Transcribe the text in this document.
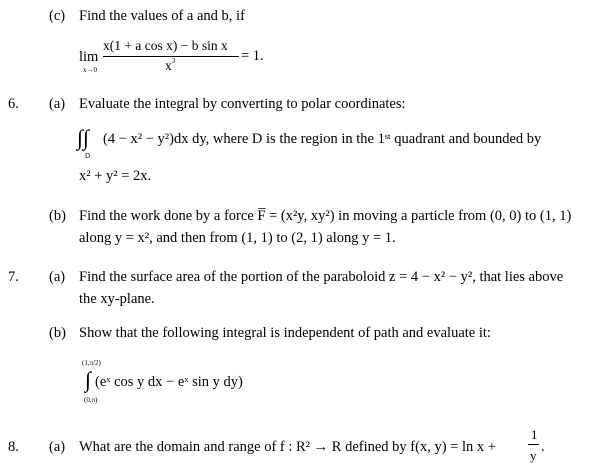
(c) Find the values of a and b, if
lim
x→0
x(1 + a cos x) − b sin x
$x^3$	= 1.
6. (a) Evaluate the integral by converting to polar coordinates:
∫∫
D
(4 − x² − y²)dx dy, where D is the region in the 1ˢᵗ quadrant and bounded by
x² + y² = 2x.
(b) Find the work done by a force F̅ = (x²y, xy²) in moving a particle from (0, 0) to (1, 1)
along y = x², and then from (1, 1) to (2, 1) along y = 1.
7. (a) Find the surface area of the portion of the paraboloid z = 4 − x² − y², that lies above
the xy-plane.
(b) Show that the following integral is independent of path and evaluate it:
(1,π/2)
∫ (eˣ cos y dx − eˣ sin y dy)
(0,π)
8. (a) What are the domain and range of f : R² → R defined by f(x, y) = ln x +
1
y
.
